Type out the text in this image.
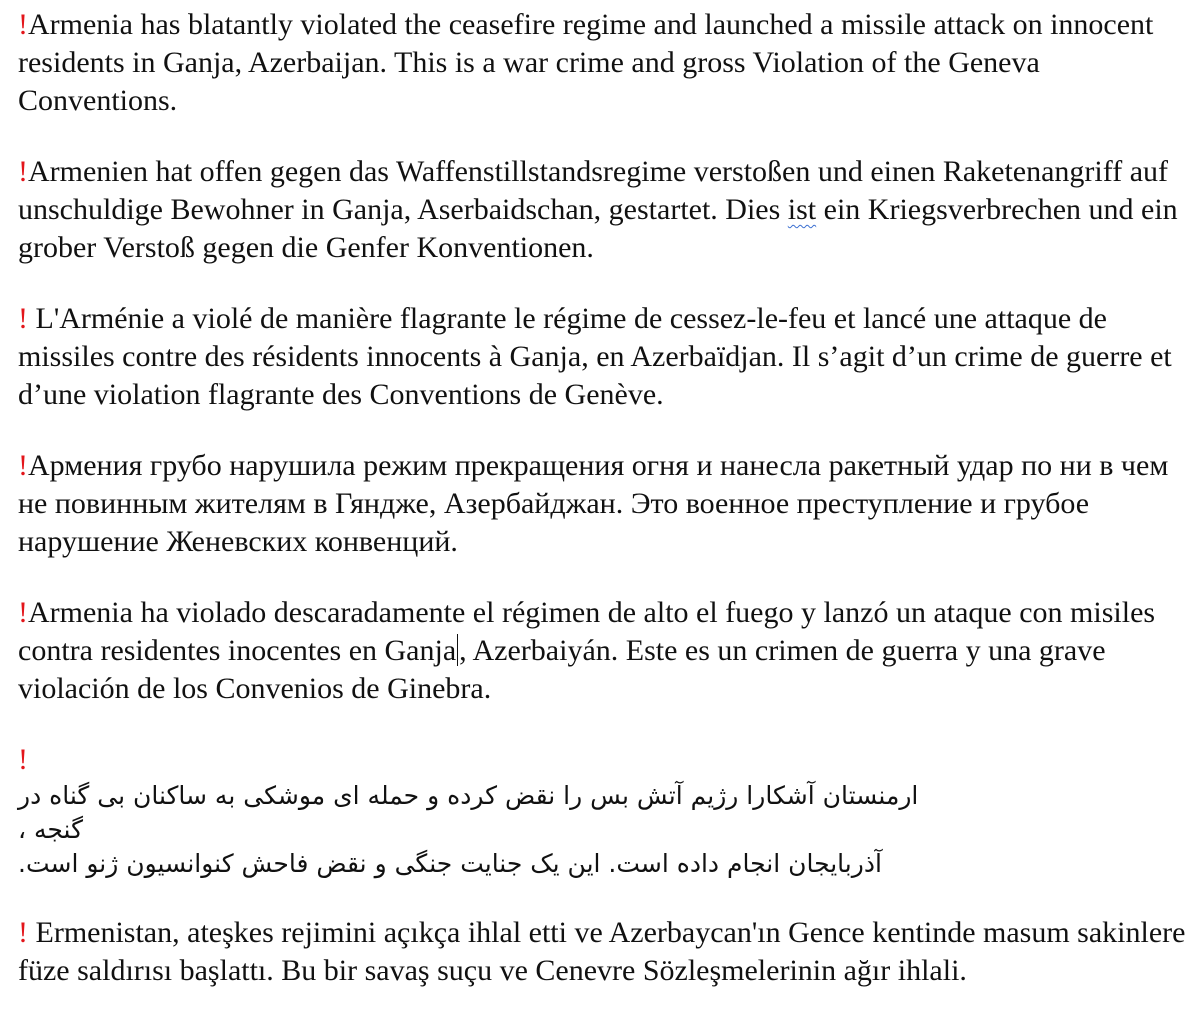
!Armenia has blatantly violated the ceasefire regime and launched a missile attack on innocent residents in Ganja, Azerbaijan. This is a war crime and gross Violation of the Geneva Conventions.

!Armenien hat offen gegen das Waffenstillstandsregime verstoßen und einen Raketenangriff auf unschuldige Bewohner in Ganja, Aserbaidschan, gestartet. Dies ist ein Kriegsverbrechen und ein grober Verstoß gegen die Genfer Konventionen.

! L'Arménie a violé de manière flagrante le régime de cessez-le-feu et lancé une attaque de missiles contre des résidents innocents à Ganja, en Azerbaïdjan. Il s’agit d’un crime de guerre et d’une violation flagrante des Conventions de Genève.

!Армения грубо нарушила режим прекращения огня и нанесла ракетный удар по ни в чем не повинным жителям в Гяндже, Азербайджан. Это военное преступление и грубое нарушение Женевских конвенций.

!Armenia ha violado descaradamente el régimen de alto el fuego y lanzó un ataque con misiles contra residentes inocentes en Ganja , Azerbaiyán. Este es un crimen de guerra y una grave violación de los Convenios de Ginebra.

!
ارمنستان آشکارا رژیم آتش بس را نقض کرده و حمله ای موشکی به ساکنان بی گناه در گنجه ،
آذربایجان انجام داده است. این یک جنایت جنگی و نقض فاحش کنوانسیون ژنو است.

! Ermenistan, ateşkes rejimini açıkça ihlal etti ve Azerbaycan'ın Gence kentinde masum sakinlere füze saldırısı başlattı. Bu bir savaş suçu ve Cenevre Sözleşmelerinin ağır ihlali.
